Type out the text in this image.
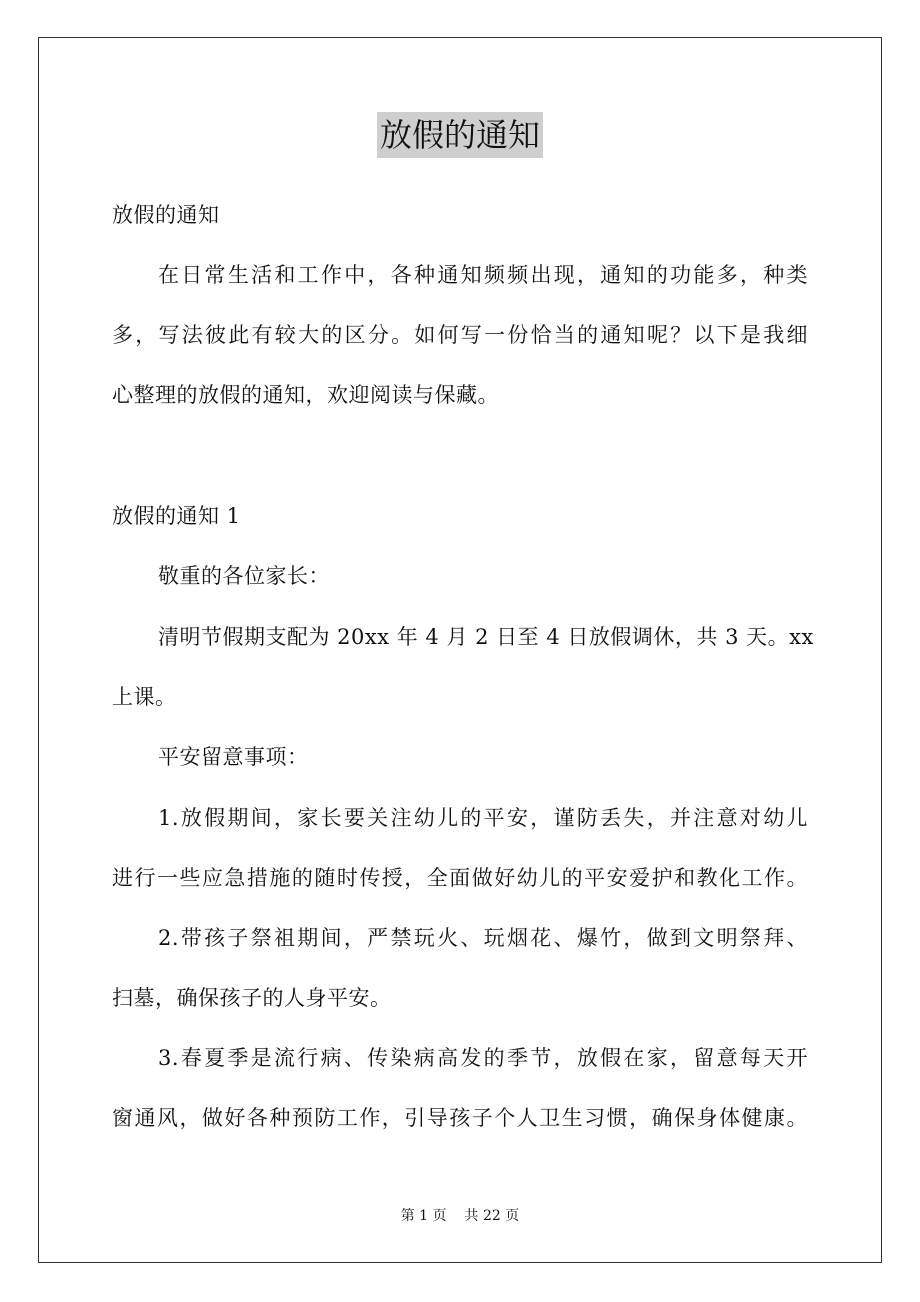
放假的通知
放假的通知
在日常生活和工作中，各种通知频频出现，通知的功能多，种类
多，写法彼此有较大的区分。如何写一份恰当的通知呢？以下是我细
心整理的放假的通知，欢迎阅读与保藏。
放假的通知 1
敬重的各位家长：
清明节假期支配为 20xx 年 4 月 2 日至 4 日放假调休，共 3 天。xx
上课。
平安留意事项：
1.放假期间，家长要关注幼儿的平安，谨防丢失，并注意对幼儿
进行一些应急措施的随时传授，全面做好幼儿的平安爱护和教化工作。
2.带孩子祭祖期间，严禁玩火、玩烟花、爆竹，做到文明祭拜、
扫墓，确保孩子的人身平安。
3.春夏季是流行病、传染病高发的季节，放假在家，留意每天开
窗通风，做好各种预防工作，引导孩子个人卫生习惯，确保身体健康。
第 1 页 共 22 页
